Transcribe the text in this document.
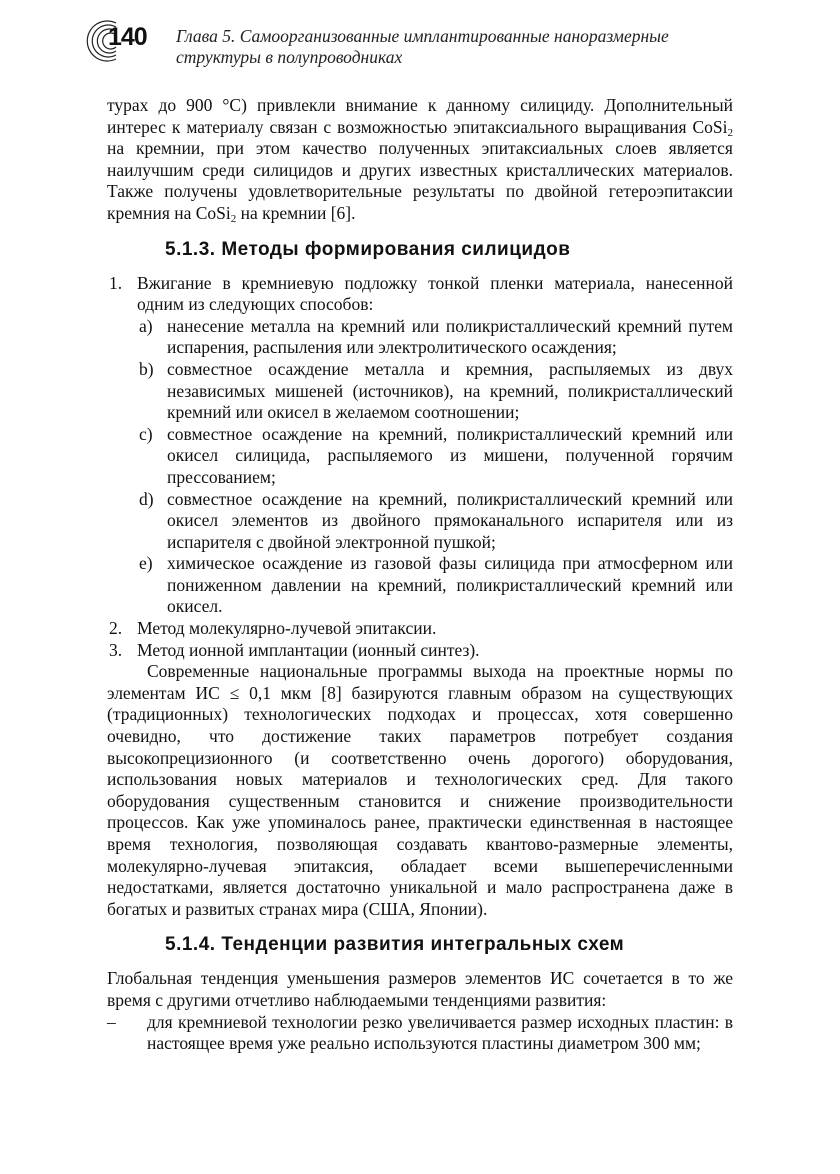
140 Глава 5. Самоорганизованные имплантированные наноразмерные структуры в полупроводниках

турах до 900 °С) привлекли внимание к данному силициду. Дополнительный интерес к материалу связан с возможностью эпитаксиального выращивания CoSi$_2$ на кремнии, при этом качество полученных эпитаксиальных слоев является наилучшим среди силицидов и других известных кристаллических материалов. Также получены удовлетворительные результаты по двойной гетероэпитаксии кремния на CoSi$_2$ на кремнии [6].

5.1.3. Методы формирования силицидов
1. Вжигание в кремниевую подложку тонкой пленки материала, нанесенной одним из следующих способов:
a) нанесение металла на кремний или поликристаллический кремний путем испарения, распыления или электролитического осаждения;
b) совместное осаждение металла и кремния, распыляемых из двух независимых мишеней (источников), на кремний, поликристаллический кремний или окисел в желаемом соотношении;
c) совместное осаждение на кремний, поликристаллический кремний или окисел силицида, распыляемого из мишени, полученной горячим прессованием;
d) совместное осаждение на кремний, поликристаллический кремний или окисел элементов из двойного прямоканального испарителя или из испарителя с двойной электронной пушкой;
e) химическое осаждение из газовой фазы силицида при атмосферном или пониженном давлении на кремний, поликристаллический кремний или окисел.
2. Метод молекулярно-лучевой эпитаксии.
3. Метод ионной имплантации (ионный синтез).

Современные национальные программы выхода на проектные нормы по элементам ИС ≤ 0,1 мкм [8] базируются главным образом на существующих (традиционных) технологических подходах и процессах, хотя совершенно очевидно, что достижение таких параметров потребует создания высокопрецизионного (и соответственно очень дорогого) оборудования, использования новых материалов и технологических сред. Для такого оборудования существенным становится и снижение производительности процессов. Как уже упоминалось ранее, практически единственная в настоящее время технология, позволяющая создавать квантово-размерные элементы, молекулярно-лучевая эпитаксия, обладает всеми вышеперечисленными недостатками, является достаточно уникальной и мало распространена даже в богатых и развитых странах мира (США, Японии).

5.1.4. Тенденции развития интегральных схем

Глобальная тенденция уменьшения размеров элементов ИС сочетается в то же время с другими отчетливо наблюдаемыми тенденциями развития:

– для кремниевой технологии резко увеличивается размер исходных пластин: в настоящее время уже реально используются пластины диаметром 300 мм;
